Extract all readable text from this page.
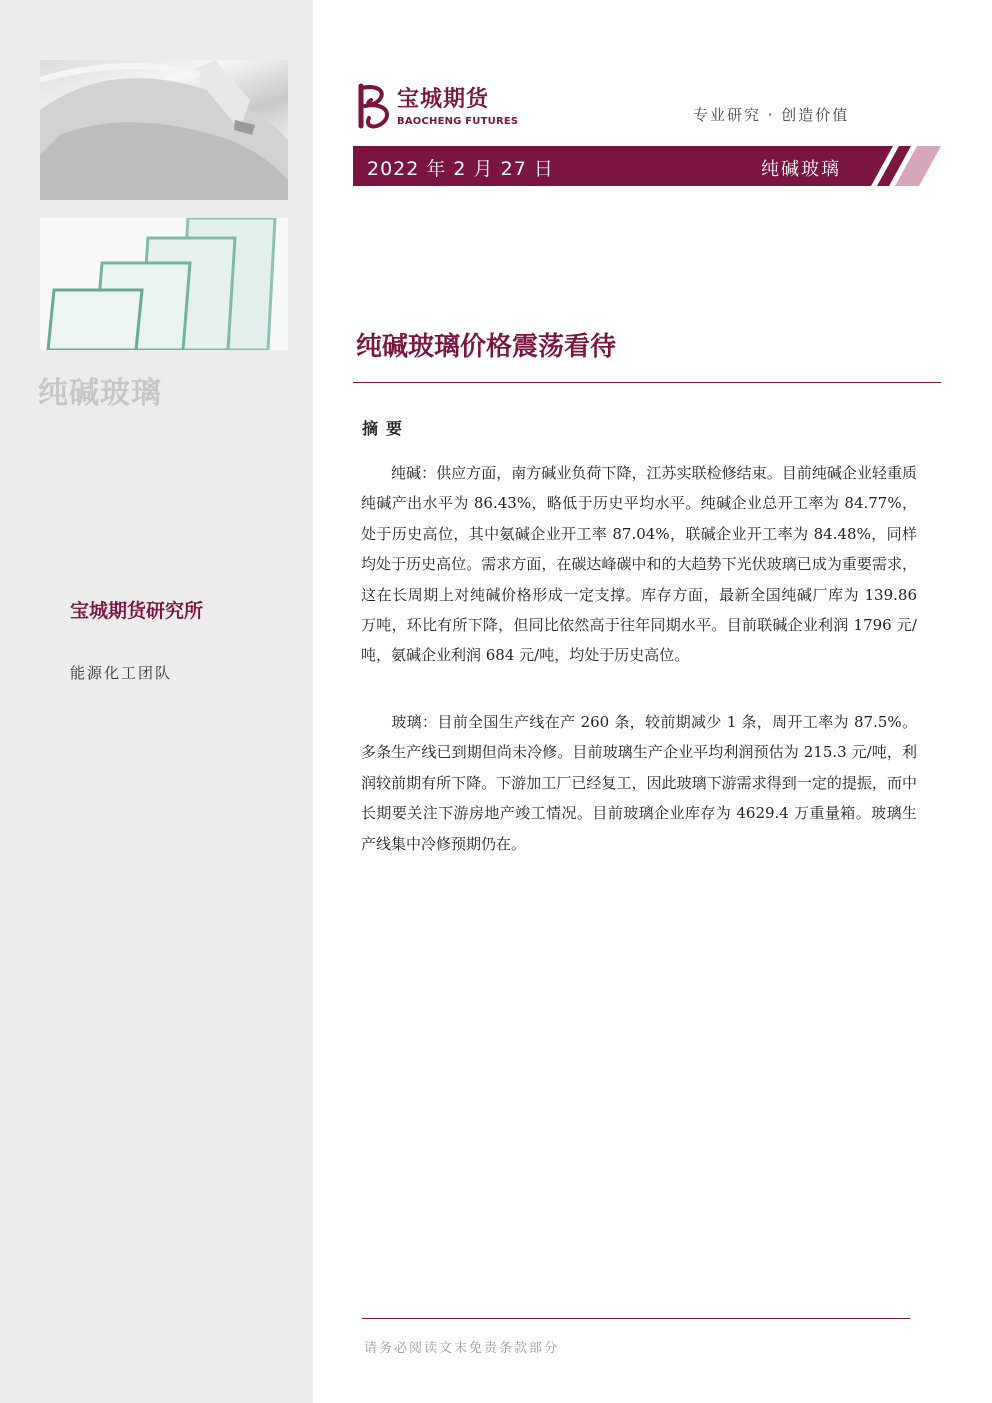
纯碱玻璃
宝城期货研究所
能源化工团队
宝城期货
BAOCHENG FUTURES	专业研究 · 创造价值
2022 年 2 月 27 日	纯碱玻璃
纯碱玻璃价格震荡看待
摘要

纯碱：供应方面，南方碱业负荷下降，江苏实联检修结束。目前纯碱企业轻重质纯碱产出水平为 86.43%，略低于历史平均水平。纯碱企业总开工率为 84.77%，处于历史高位，其中氨碱企业开工率 87.04%，联碱企业开工率为 84.48%，同样均处于历史高位。需求方面，在碳达峰碳中和的大趋势下光伏玻璃已成为重要需求，这在长周期上对纯碱价格形成一定支撑。库存方面，最新全国纯碱厂库为 139.86 万吨，环比有所下降，但同比依然高于往年同期水平。目前联碱企业利润 1796 元/吨，氨碱企业利润 684 元/吨，均处于历史高位。

玻璃：目前全国生产线在产 260 条，较前期减少 1 条，周开工率为 87.5%。多条生产线已到期但尚未冷修。目前玻璃生产企业平均利润预估为 215.3 元/吨，利润较前期有所下降。下游加工厂已经复工，因此玻璃下游需求得到一定的提振，而中长期要关注下游房地产竣工情况。目前玻璃企业库存为 4629.4 万重量箱。玻璃生产线集中冷修预期仍在。

请务必阅读文末免责条款部分
